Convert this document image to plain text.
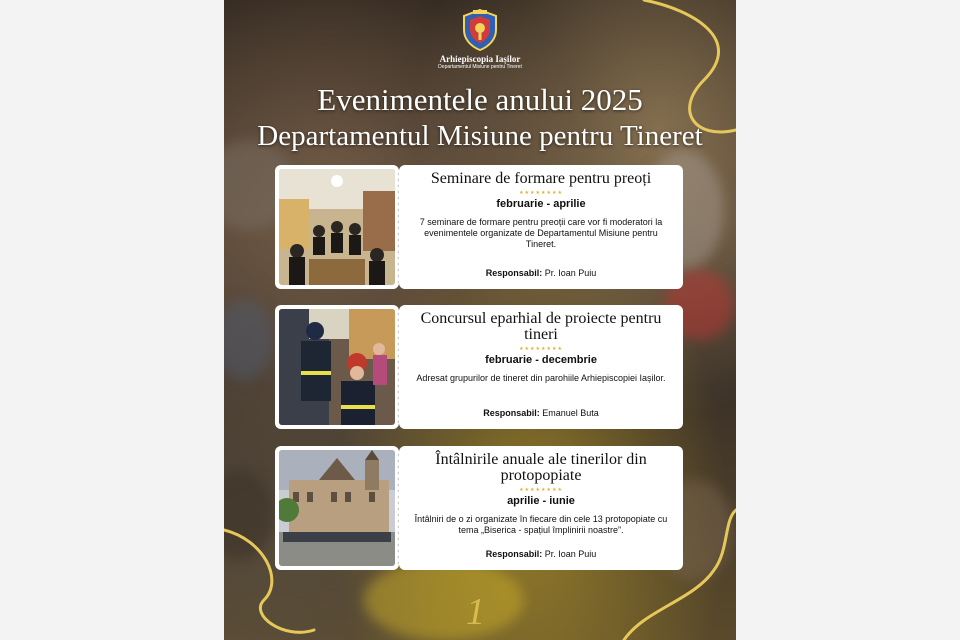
Arhiepiscopia Iașilor
Departamentul Misiune pentru Tineret
Evenimentele anului 2025
Departamentul Misiune pentru Tineret
Seminare de formare pentru preoți
★★★★★★★★
februarie - aprilie
7 seminare de formare pentru preoții care vor fi moderatori la evenimentele organizate de Departamentul Misiune pentru Tineret.
Responsabil: Pr. Ioan Puiu
Concursul eparhial de proiecte pentru tineri
★★★★★★★★
februarie - decembrie
Adresat grupurilor de tineret din parohiile Arhiepiscopiei Iașilor.
Responsabil: Emanuel Buta
Întâlnirile anuale ale tinerilor din protopopiate
★★★★★★★★
aprilie - iunie
Întâlniri de o zi organizate în fiecare din cele 13 protopopiate cu tema „Biserica - spațiul împlinirii noastre”.
Responsabil: Pr. Ioan Puiu
1
